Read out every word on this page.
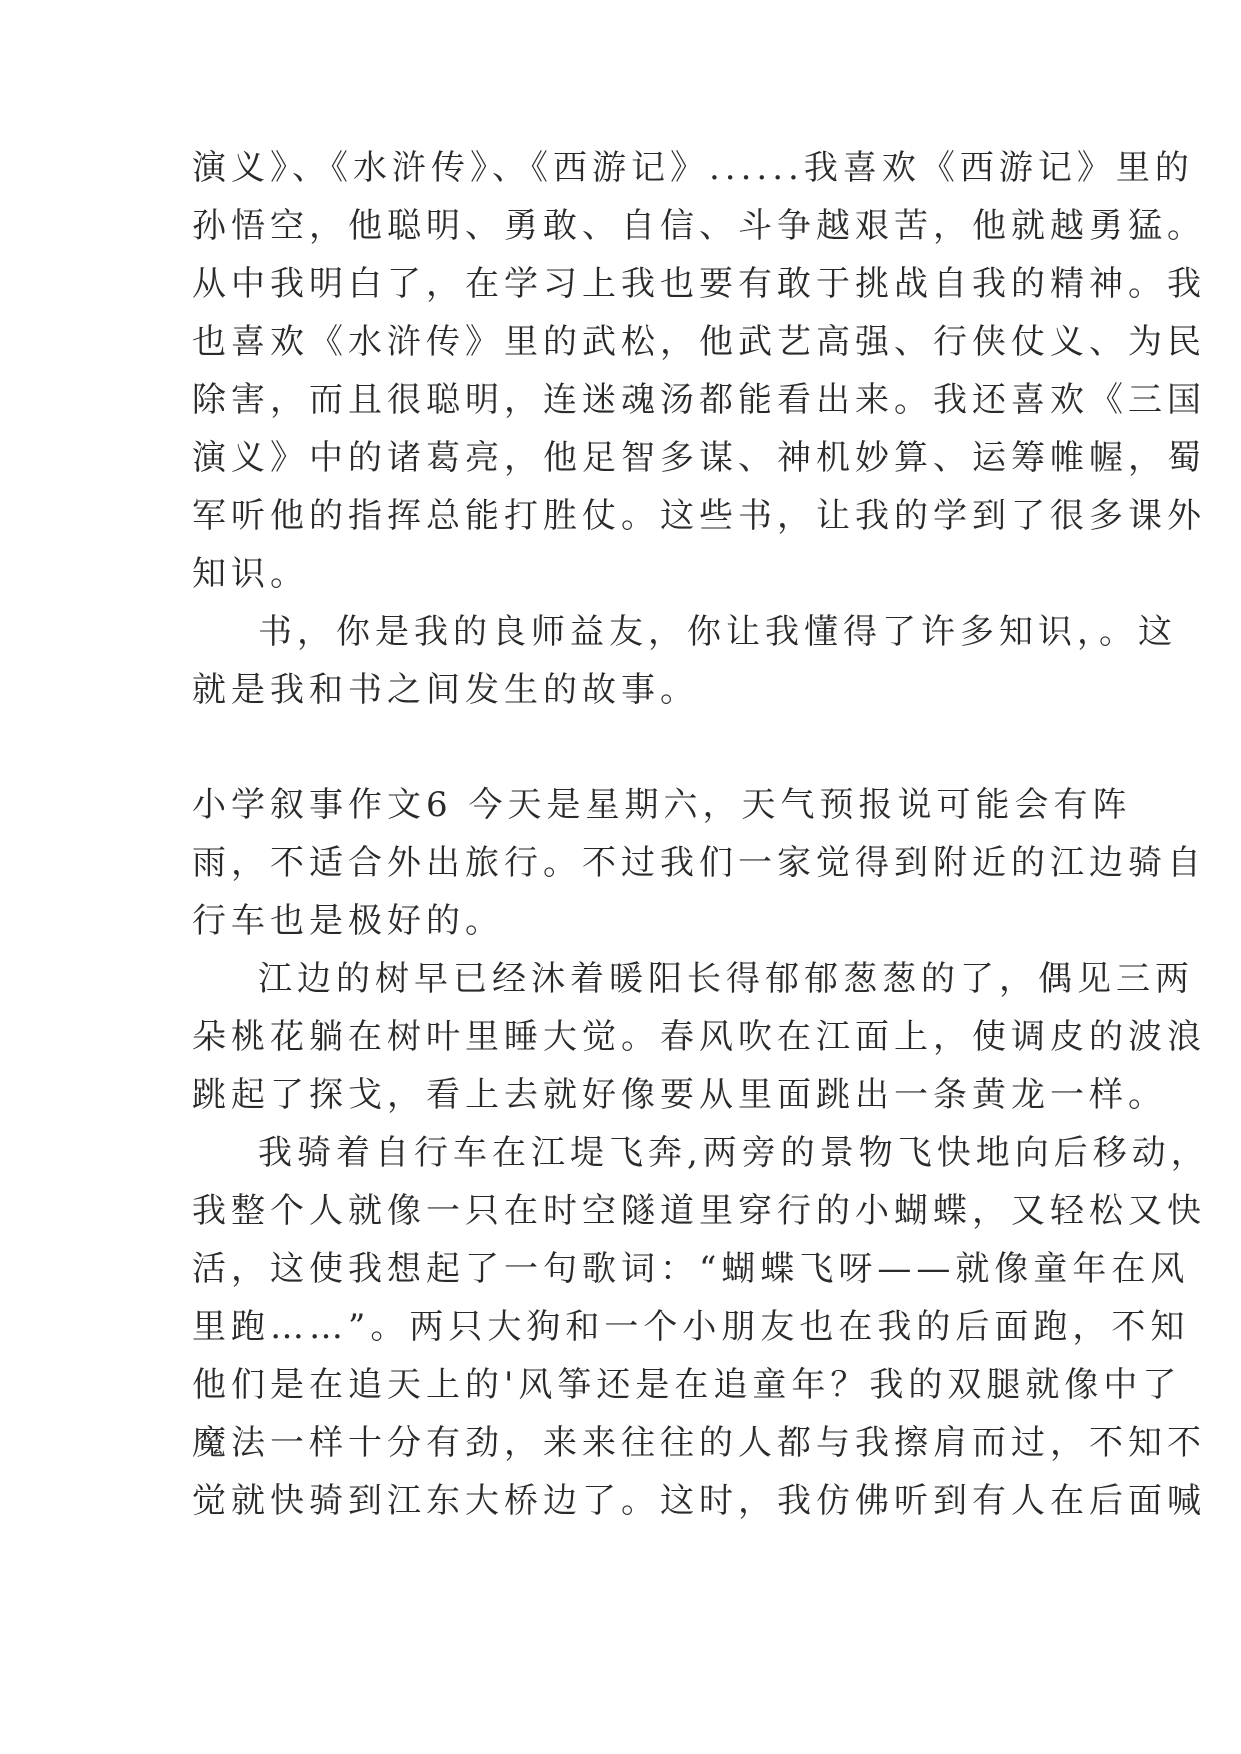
演义》、《水浒传》、《西游记》......我喜欢《西游记》里的
孙悟空，他聪明、勇敢、自信、斗争越艰苦，他就越勇猛。
从中我明白了，在学习上我也要有敢于挑战自我的精神。我
也喜欢《水浒传》里的武松，他武艺高强、行侠仗义、为民
除害，而且很聪明，连迷魂汤都能看出来。我还喜欢《三国
演义》中的诸葛亮，他足智多谋、神机妙算、运筹帷幄，蜀
军听他的指挥总能打胜仗。这些书，让我的学到了很多课外
知识。
书，你是我的良师益友，你让我懂得了许多知识，。这
就是我和书之间发生的故事。
小学叙事作文6 今天是星期六，天气预报说可能会有阵
雨，不适合外出旅行。不过我们一家觉得到附近的江边骑自
行车也是极好的。
江边的树早已经沐着暖阳长得郁郁葱葱的了，偶见三两
朵桃花躺在树叶里睡大觉。春风吹在江面上，使调皮的波浪
跳起了探戈，看上去就好像要从里面跳出一条黄龙一样。
我骑着自行车在江堤飞奔,两旁的景物飞快地向后移动，
我整个人就像一只在时空隧道里穿行的小蝴蝶，又轻松又快
活，这使我想起了一句歌词：“蝴蝶飞呀——就像童年在风
里跑……”。两只大狗和一个小朋友也在我的后面跑，不知
他们是在追天上的'风筝还是在追童年？我的双腿就像中了
魔法一样十分有劲，来来往往的人都与我擦肩而过，不知不
觉就快骑到江东大桥边了。这时，我仿佛听到有人在后面喊
